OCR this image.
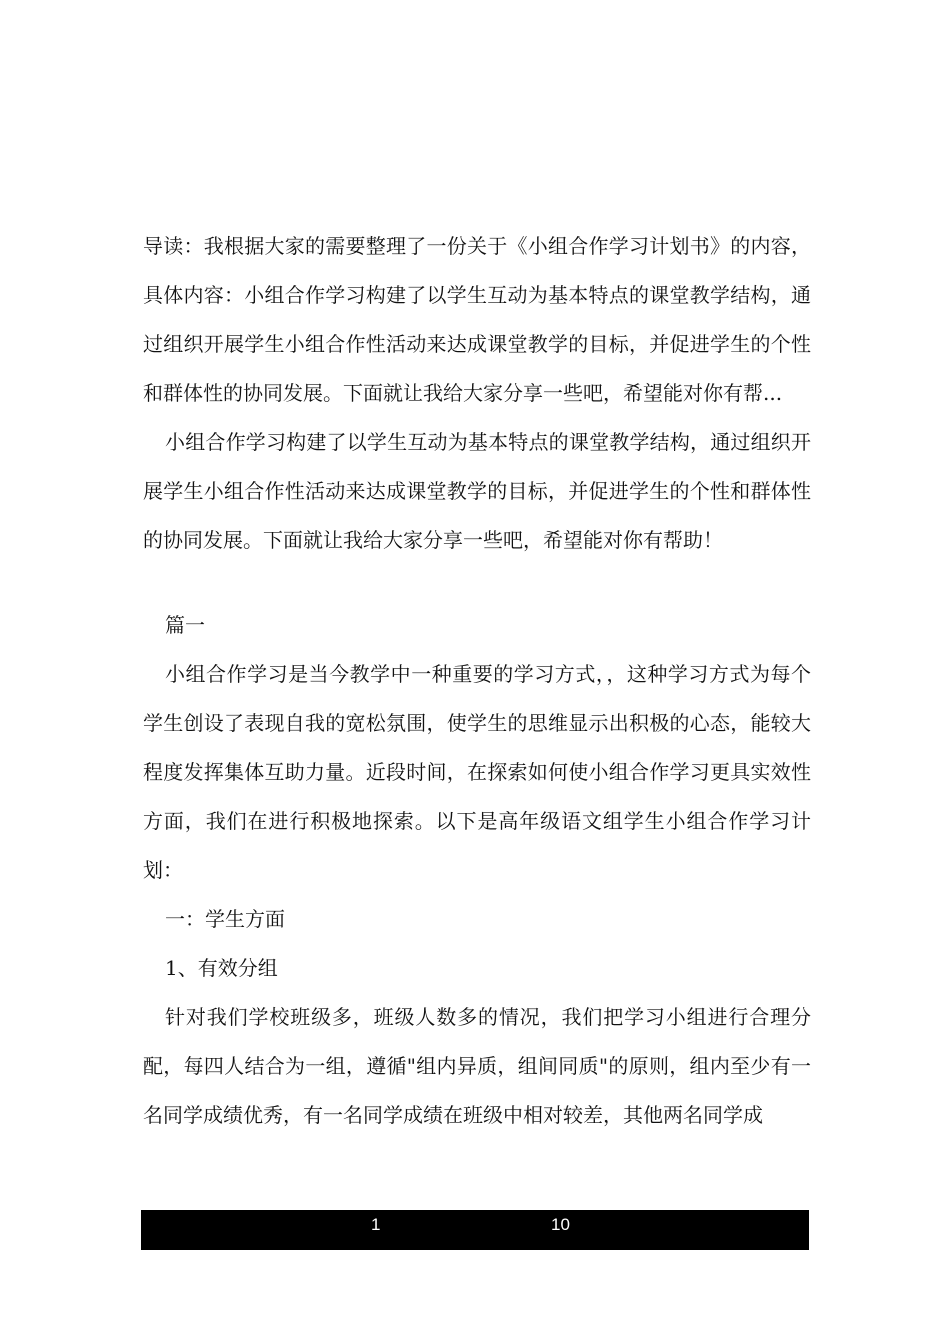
导读：我根据大家的需要整理了一份关于《小组合作学习计划书》的内容，具体内容：小组合作学习构建了以学生互动为基本特点的课堂教学结构，通过组织开展学生小组合作性活动来达成课堂教学的目标，并促进学生的个性和群体性的协同发展。下面就让我给大家分享一些吧，希望能对你有帮...

小组合作学习构建了以学生互动为基本特点的课堂教学结构，通过组织开展学生小组合作性活动来达成课堂教学的目标，并促进学生的个性和群体性的协同发展。下面就让我给大家分享一些吧，希望能对你有帮助！

篇一

小组合作学习是当今教学中一种重要的学习方式，，这种学习方式为每个学生创设了表现自我的宽松氛围，使学生的思维显示出积极的心态，能较大程度发挥集体互助力量。近段时间，在探索如何使小组合作学习更具实效性方面，我们在进行积极地探索。以下是高年级语文组学生小组合作学习计划：

一：学生方面

1、有效分组

针对我们学校班级多，班级人数多的情况，我们把学习小组进行合理分配，每四人结合为一组，遵循"组内异质，组间同质"的原则，组内至少有一名同学成绩优秀，有一名同学成绩在班级中相对较差，其他两名同学成

1	10
